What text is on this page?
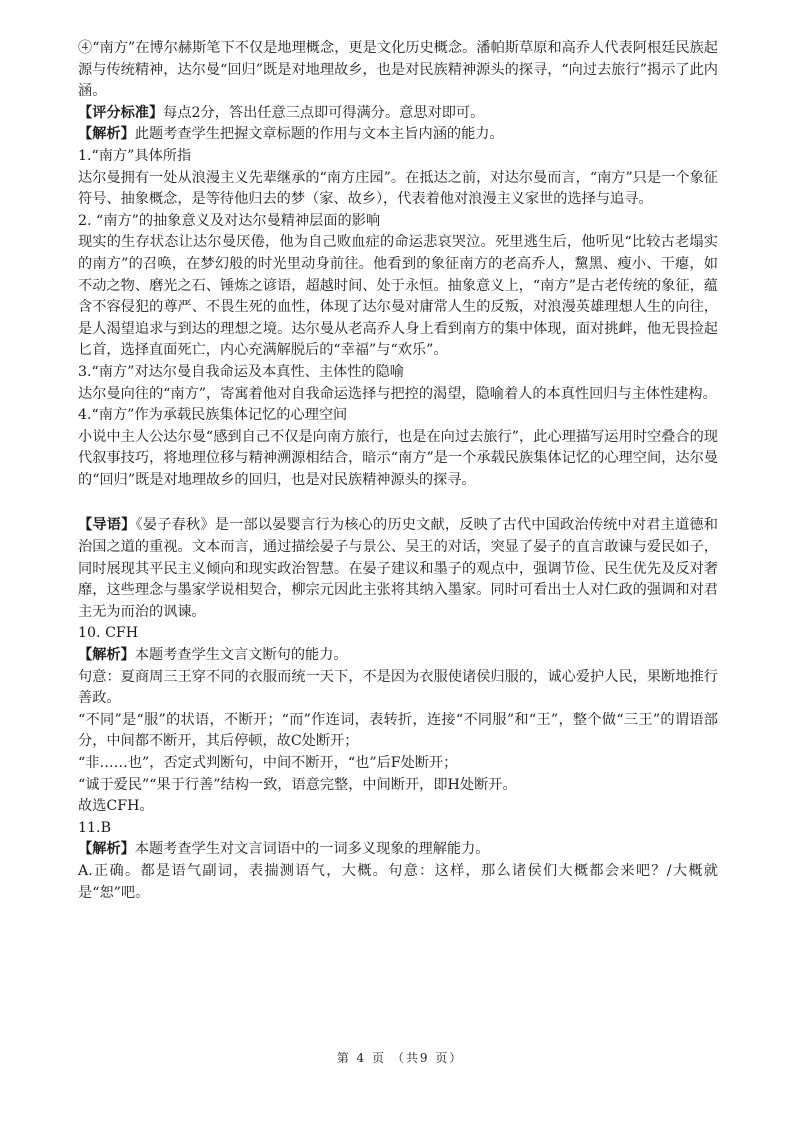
④“南方”在博尔赫斯笔下不仅是地理概念，更是文化历史概念。潘帕斯草原和高乔人代表阿根廷民族起源与传统精神，达尔曼“回归”既是对地理故乡，也是对民族精神源头的探寻，“向过去旅行”揭示了此内涵。

【评分标准】每点2分，答出任意三点即可得满分。意思对即可。

【解析】此题考查学生把握文章标题的作用与文本主旨内涵的能力。

1.“南方”具体所指

达尔曼拥有一处从浪漫主义先辈继承的“南方庄园”。在抵达之前，对达尔曼而言，“南方”只是一个象征符号、抽象概念，是等待他归去的梦（家、故乡），代表着他对浪漫主义家世的选择与追寻。

2. “南方”的抽象意义及对达尔曼精神层面的影响

现实的生存状态让达尔曼厌倦，他为自己败血症的命运悲哀哭泣。死里逃生后，他听见“比较古老塌实的南方”的召唤，在梦幻般的时光里动身前往。他看到的象征南方的老高乔人，黧黑、瘦小、干瘪，如不动之物、磨光之石、锤炼之谚语，超越时间、处于永恒。抽象意义上，“南方”是古老传统的象征，蕴含不容侵犯的尊严、不畏生死的血性，体现了达尔曼对庸常人生的反叛，对浪漫英雄理想人生的向往，是人渴望追求与到达的理想之境。达尔曼从老高乔人身上看到南方的集中体现，面对挑衅，他无畏捡起匕首，选择直面死亡，内心充满解脱后的“幸福”与“欢乐”。

3.“南方”对达尔曼自我命运及本真性、主体性的隐喻

达尔曼向往的“南方”，寄寓着他对自我命运选择与把控的渴望，隐喻着人的本真性回归与主体性建构。

4.“南方”作为承载民族集体记忆的心理空间

小说中主人公达尔曼“感到自己不仅是向南方旅行，也是在向过去旅行”，此心理描写运用时空叠合的现代叙事技巧，将地理位移与精神溯源相结合，暗示“南方”是一个承载民族集体记忆的心理空间，达尔曼的“回归”既是对地理故乡的回归，也是对民族精神源头的探寻。

【导语】《晏子春秋》是一部以晏婴言行为核心的历史文献，反映了古代中国政治传统中对君主道德和治国之道的重视。文本而言，通过描绘晏子与景公、吴王的对话，突显了晏子的直言敢谏与爱民如子，同时展现其平民主义倾向和现实政治智慧。在晏子建议和墨子的观点中，强调节俭、民生优先及反对奢靡，这些理念与墨家学说相契合，柳宗元因此主张将其纳入墨家。同时可看出士人对仁政的强调和对君主无为而治的讽谏。

10. CFH

【解析】本题考查学生文言文断句的能力。

句意：夏商周三王穿不同的衣服而统一天下，不是因为衣服使诸侯归服的，诚心爱护人民，果断地推行善政。

“不同”是“服”的状语，不断开；“而”作连词，表转折，连接“不同服”和“王”，整个做“三王”的谓语部分，中间都不断开，其后停顿，故C处断开；

“非……也”，否定式判断句，中间不断开，“也”后F处断开；

“诚于爱民”“果于行善”结构一致，语意完整，中间断开，即H处断开。

故选CFH。

11.B

【解析】本题考查学生对文言词语中的一词多义现象的理解能力。

A.正确。都是语气副词，表揣测语气，大概。句意：这样，那么诸侯们大概都会来吧？/大概就是“恕”吧。

第 4 页 （共9 页）
